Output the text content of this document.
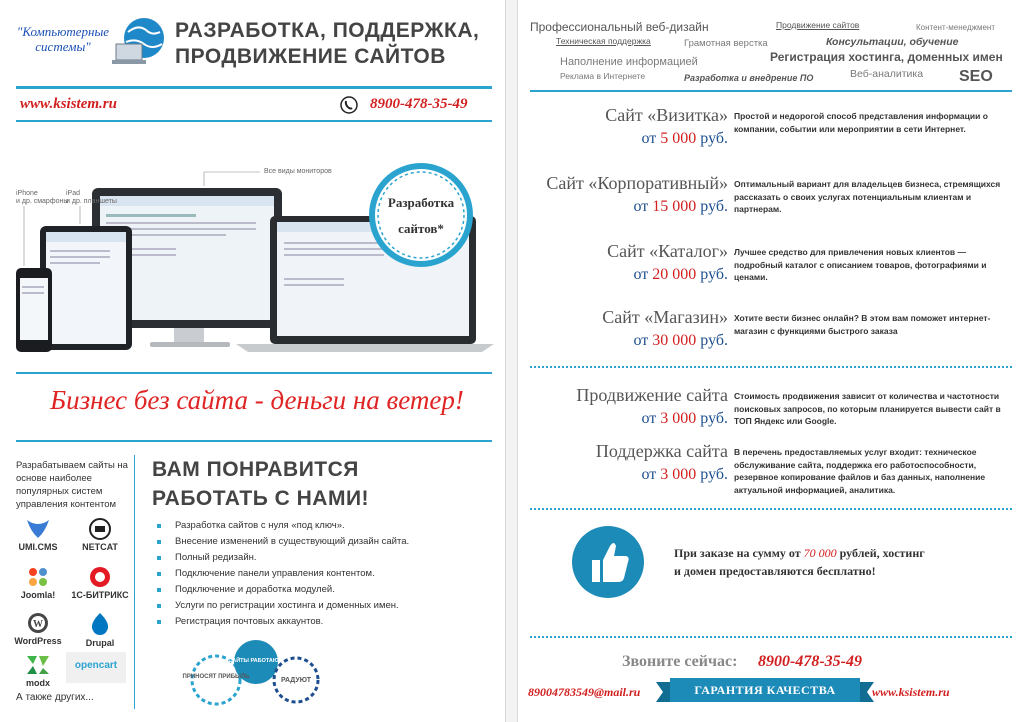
"Компьютерные системы"
РАЗРАБОТКА, ПОДДЕРЖКА,
ПРОДВИЖЕНИЕ САЙТОВ
www.ksistem.ru	8900-478-35-49
iPhone
и др. смарфоны
iPad
и др. планшеты
Все виды мониторов
Разработка
сайтов*
Бизнес без сайта - деньги на ветер!
Разрабатываем сайты на основе наиболее популярных систем управления контентом
UMI.CMS	NETCAT
Joomla!	1С-БИТРИКС
W
WordPress	Drupal
modx
opencart
А также других...
ВАМ ПОНРАВИТСЯ
РАБОТАТЬ С НАМИ!
Разработка сайтов с нуля «под ключ».
Внесение изменений в существующий дизайн сайта.
Полный редизайн.
Подключение панели управления контентом.
Подключение и доработка модулей.
Услуги по регистрации хостинга и доменных имен.
Регистрация почтовых аккаунтов.
ПРИНОСЯТ ПРИБЫЛЬ
САЙТЫ РАБОТАЮТ!
РАДУЮТ
Профессиональный веб-дизайн	Продвижение сайтов	Контент-менеджмент
Техническая поддержка	Грамотная верстка	Консультации, обучение
Наполнение информацией	Регистрация хостинга, доменных имен
Реклама в Интернете	Разработка и внедрение ПО	Веб-аналитика SEO
Сайт «Визитка»
от 5 000 руб.
Простой и недорогой способ представления информации о компании, событии или мероприятии в сети Интернет.
Сайт «Корпоративный»
от 15 000 руб.
Оптимальный вариант для владельцев бизнеса, стремящихся рассказать о своих услугах потенциальным клиентам и партнерам.
Сайт «Каталог»
от 20 000 руб.
Лучшее средство для привлечения новых клиентов — подробный каталог с описанием товаров, фотографиями и ценами.
Сайт «Магазин»
от 30 000 руб.
Хотите вести бизнес онлайн? В этом вам поможет интернет-магазин с функциями быстрого заказа
Продвижение сайта
от 3 000 руб.
Стоимость продвижения зависит от количества и частотности поисковых запросов, по которым планируется вывести сайт в ТОП Яндекс или Google.
Поддержка сайта
от 3 000 руб.
В перечень предоставляемых услуг входит: техническое обслуживание сайта, поддержка его работоспособности, резервное копирование файлов и баз данных, наполнение актуальной информацией, аналитика.
При заказе на сумму от 70 000 рублей, хостинг
и домен предоставляются бесплатно!
Звоните сейчас: 8900-478-35-49
89004783549@mail.ru	ГАРАНТИЯ КАЧЕСТВА	www.ksistem.ru
